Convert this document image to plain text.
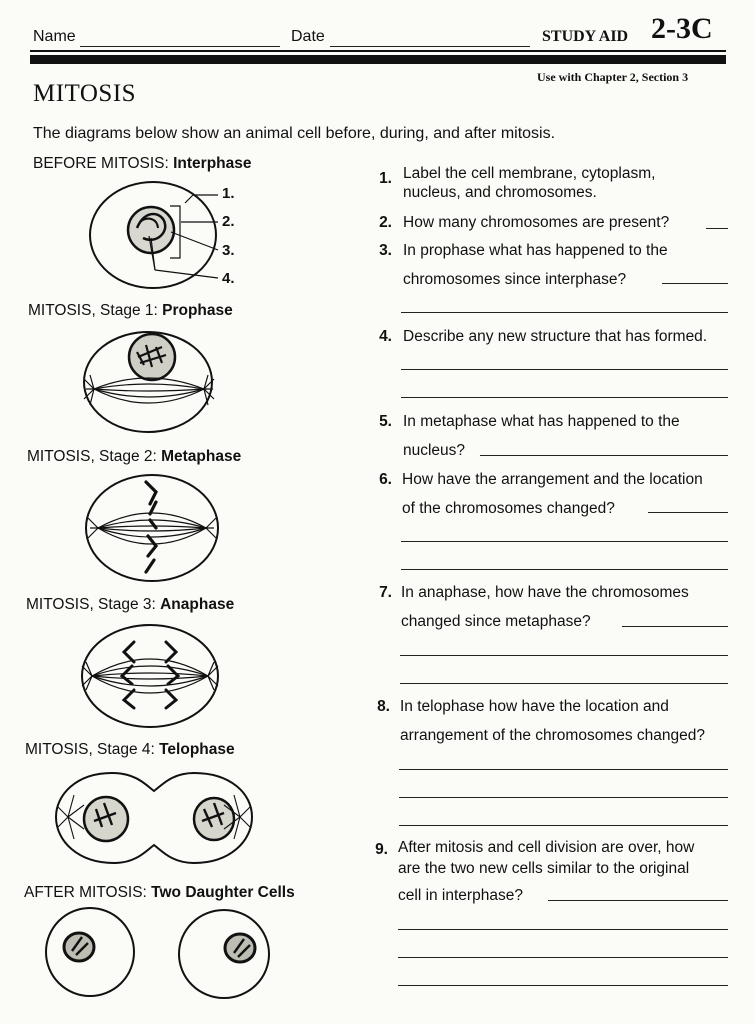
Name	Date	STUDY AID 2-3C
MITOSIS
Use with Chapter 2, Section 3
The diagrams below show an animal cell before, during, and after mitosis.
BEFORE MITOSIS: Interphase
MITOSIS, Stage 1: Prophase
MITOSIS, Stage 2: Metaphase
MITOSIS, Stage 3: Anaphase
MITOSIS, Stage 4: Telophase
AFTER MITOSIS: Two Daughter Cells
1.
2.
3.
4.
1. Label the cell membrane, cytoplasm,
nucleus, and chromosomes.
2. How many chromosomes are present?
3. In prophase what has happened to the
chromosomes since interphase?
4. Describe any new structure that has formed.
5. In metaphase what has happened to the
nucleus?
6. How have the arrangement and the location
of the chromosomes changed?
7. In anaphase, how have the chromosomes
changed since metaphase?
8. In telophase how have the location and
arrangement of the chromosomes changed?
9. After mitosis and cell division are over, how
are the two new cells similar to the original
cell in interphase?
